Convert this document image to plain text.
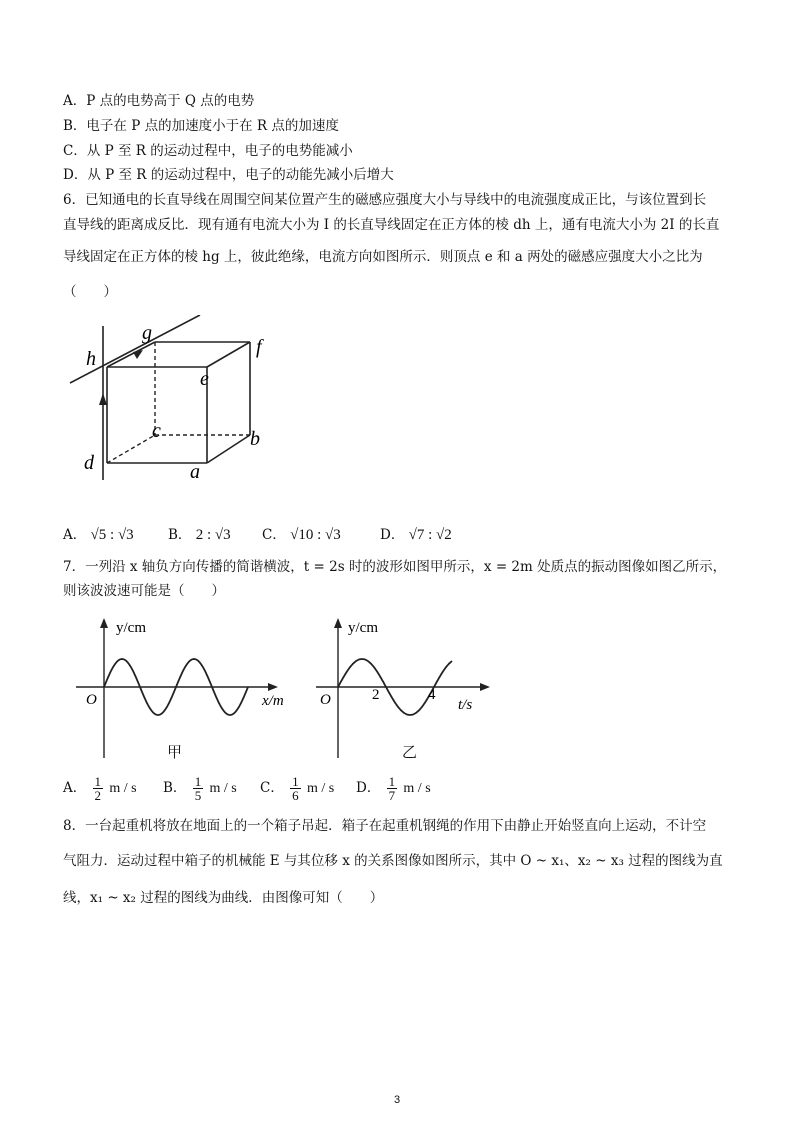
A．P 点的电势高于 Q 点的电势
B．电子在 P 点的加速度小于在 R 点的加速度
C．从 P 至 R 的运动过程中，电子的电势能减小
D．从 P 至 R 的运动过程中，电子的动能先减小后增大
6．已知通电的长直导线在周围空间某位置产生的磁感应强度大小与导线中的电流强度成正比，与该位置到长
直导线的距离成反比．现有通有电流大小为 I 的长直导线固定在正方体的棱 dh 上，通有电流大小为 2I 的长直
导线固定在正方体的棱 hg 上，彼此绝缘，电流方向如图所示．则顶点 e 和 a 两处的磁感应强度大小之比为
（　　）
h
g
f
e
c	b
d	a
A． √5 : √3	B． 2 : √3 C． √10 : √3	D． √7 : √2
7．一列沿 x 轴负方向传播的简谐横波，t = 2s 时的波形如图甲所示，x = 2m 处质点的振动图像如图乙所示，
则该波波速可能是（　　）
y/cm
O	x/m
甲
y/cm
O	2	4
t/s
乙
A． $\frac{1}{2}$ m / s B． $\frac{1}{5}$ m / s C． $\frac{1}{6}$ m / s D． $\frac{1}{7}$ m / s
8．一台起重机将放在地面上的一个箱子吊起．箱子在起重机钢绳的作用下由静止开始竖直向上运动，不计空
气阻力．运动过程中箱子的机械能 E 与其位移 x 的关系图像如图所示，其中 O ~ x₁、x₂ ~ x₃ 过程的图线为直
线，x₁ ~ x₂ 过程的图线为曲线．由图像可知（　　）
3
